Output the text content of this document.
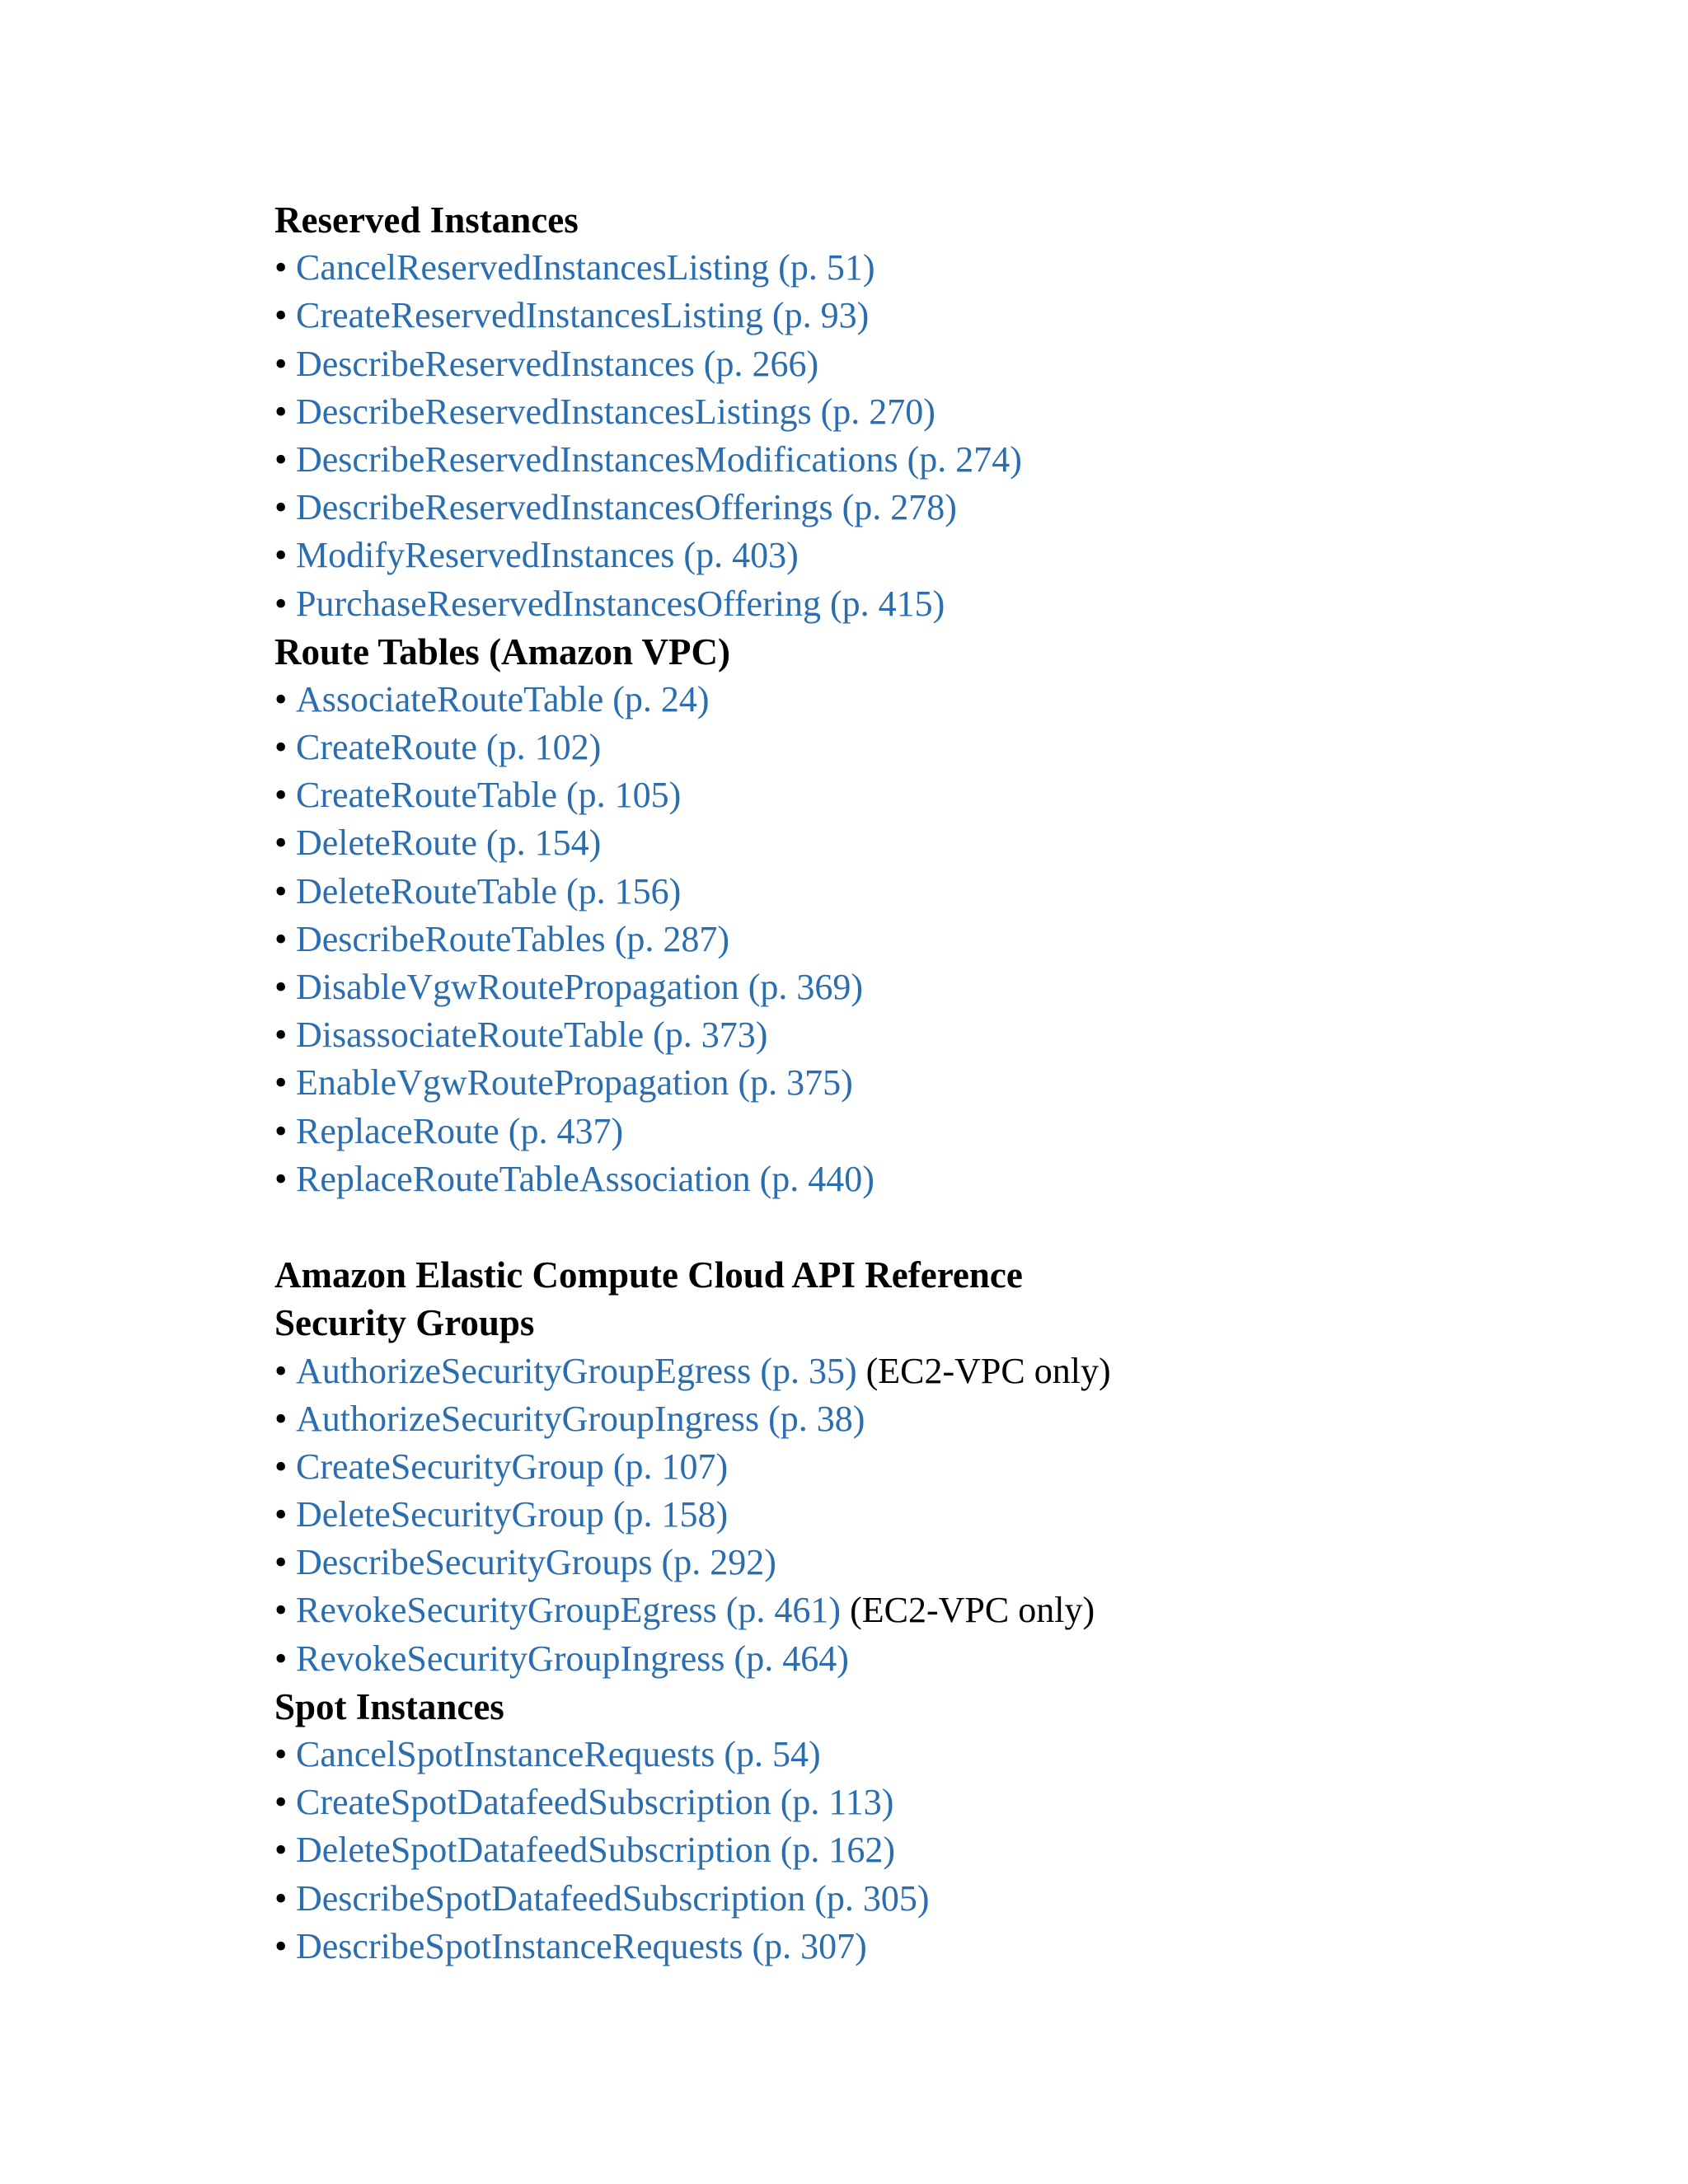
Reserved Instances
• CancelReservedInstancesListing (p. 51)
• CreateReservedInstancesListing (p. 93)
• DescribeReservedInstances (p. 266)
• DescribeReservedInstancesListings (p. 270)
• DescribeReservedInstancesModifications (p. 274)
• DescribeReservedInstancesOfferings (p. 278)
• ModifyReservedInstances (p. 403)
• PurchaseReservedInstancesOffering (p. 415)
Route Tables (Amazon VPC)
• AssociateRouteTable (p. 24)
• CreateRoute (p. 102)
• CreateRouteTable (p. 105)
• DeleteRoute (p. 154)
• DeleteRouteTable (p. 156)
• DescribeRouteTables (p. 287)
• DisableVgwRoutePropagation (p. 369)
• DisassociateRouteTable (p. 373)
• EnableVgwRoutePropagation (p. 375)
• ReplaceRoute (p. 437)
• ReplaceRouteTableAssociation (p. 440)
Amazon Elastic Compute Cloud API Reference
Security Groups
• AuthorizeSecurityGroupEgress (p. 35) (EC2-VPC only)
• AuthorizeSecurityGroupIngress (p. 38)
• CreateSecurityGroup (p. 107)
• DeleteSecurityGroup (p. 158)
• DescribeSecurityGroups (p. 292)
• RevokeSecurityGroupEgress (p. 461) (EC2-VPC only)
• RevokeSecurityGroupIngress (p. 464)
Spot Instances
• CancelSpotInstanceRequests (p. 54)
• CreateSpotDatafeedSubscription (p. 113)
• DeleteSpotDatafeedSubscription (p. 162)
• DescribeSpotDatafeedSubscription (p. 305)
• DescribeSpotInstanceRequests (p. 307)
